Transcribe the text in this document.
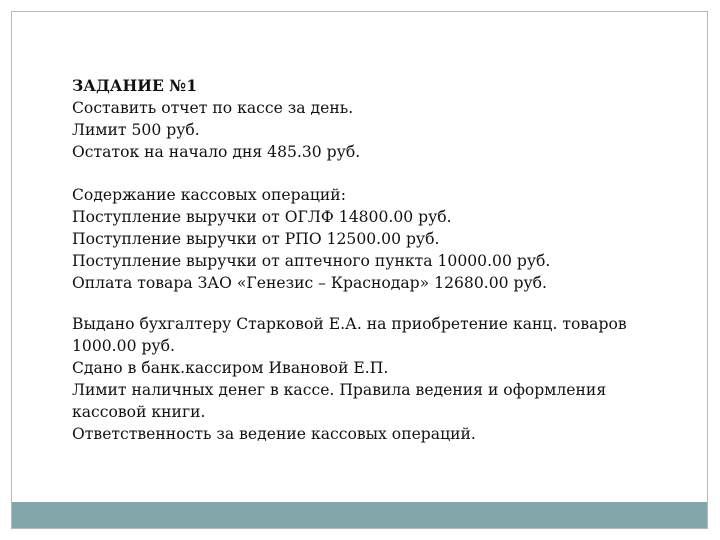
ЗАДАНИЕ №1
Составить отчет по кассе за день.
Лимит 500 руб.
Остаток на начало дня 485.30 руб.
Содержание кассовых операций:
Поступление выручки от ОГЛФ 14800.00 руб.
Поступление выручки от РПО 12500.00 руб.
Поступление выручки от аптечного пункта 10000.00 руб.
Оплата товара ЗАО «Генезис – Краснодар» 12680.00 руб.
Выдано бухгалтеру Старковой Е.А. на приобретение канц. товаров
1000.00 руб.
Сдано в банк.кассиром Ивановой Е.П.
Лимит наличных денег в кассе. Правила ведения и оформления
кассовой книги.
Ответственность за ведение кассовых операций.
